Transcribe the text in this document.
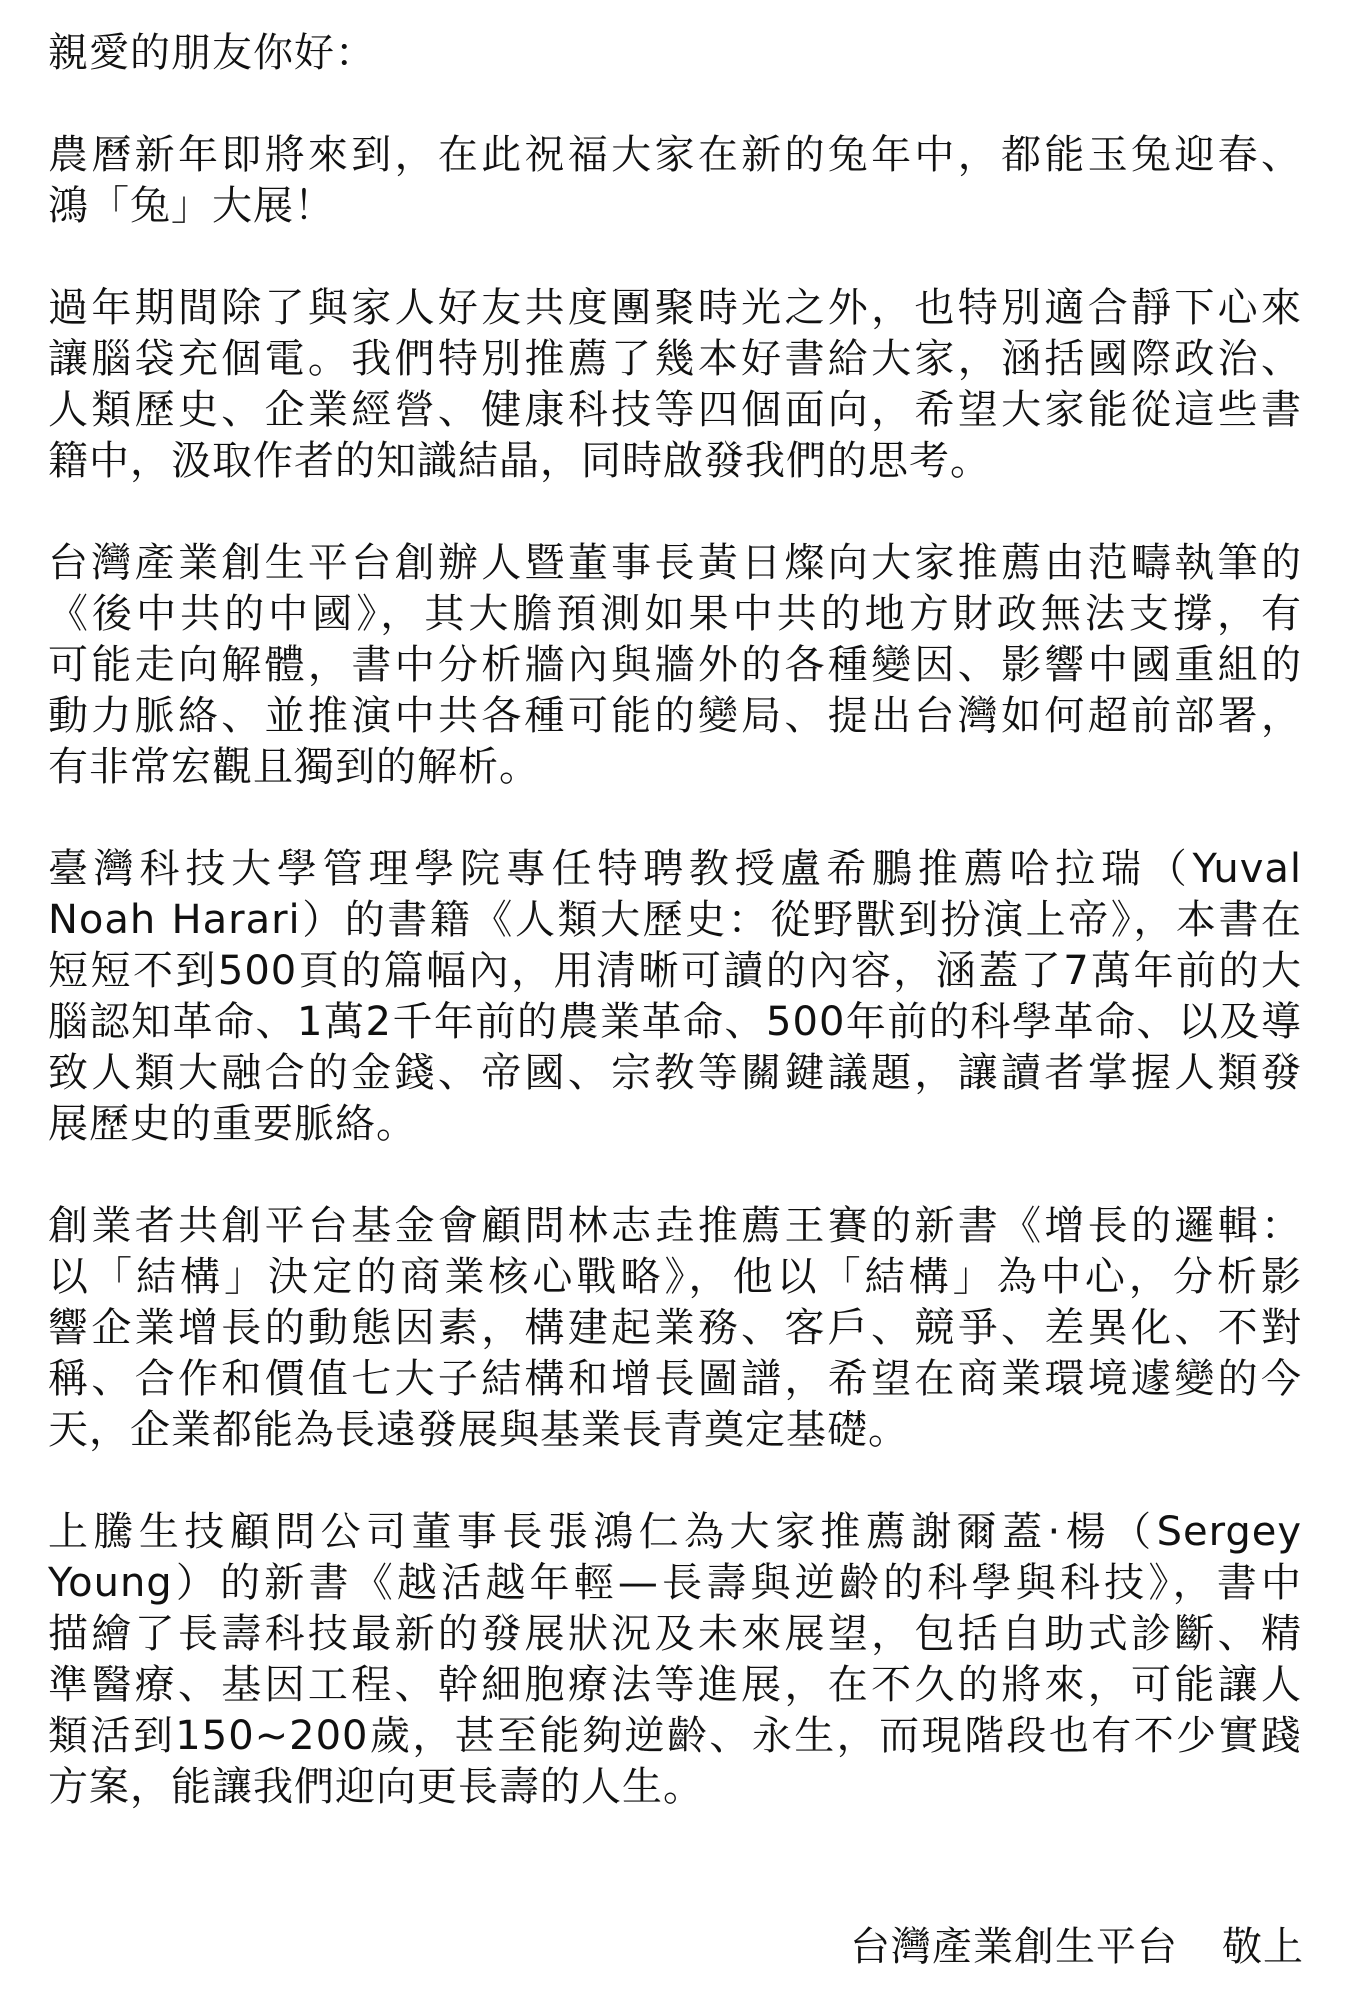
親愛的朋友你好：
農曆新年即將來到，在此祝福大家在新的兔年中，都能玉兔迎春、
鴻「兔」大展！
過年期間除了與家人好友共度團聚時光之外，也特別適合靜下心來
讓腦袋充個電。我們特別推薦了幾本好書給大家，涵括國際政治、
人類歷史、企業經營、健康科技等四個面向，希望大家能從這些書
籍中，汲取作者的知識結晶，同時啟發我們的思考。
台灣產業創生平台創辦人暨董事長黃日燦向大家推薦由范疇執筆的
《後中共的中國》，其大膽預測如果中共的地方財政無法支撐，有
可能走向解體，書中分析牆內與牆外的各種變因、影響中國重組的
動力脈絡、並推演中共各種可能的變局、提出台灣如何超前部署，
有非常宏觀且獨到的解析。
臺灣科技大學管理學院專任特聘教授盧希鵬推薦哈拉瑞（Yuval
Noah Harari）的書籍《人類大歷史：從野獸到扮演上帝》，本書在
短短不到500頁的篇幅內，用清晰可讀的內容，涵蓋了7萬年前的大
腦認知革命、1萬2千年前的農業革命、500年前的科學革命、以及導
致人類大融合的金錢、帝國、宗教等關鍵議題，讓讀者掌握人類發
展歷史的重要脈絡。
創業者共創平台基金會顧問林志垚推薦王賽的新書《增長的邏輯：
以「結構」決定的商業核心戰略》，他以「結構」為中心，分析影
響企業增長的動態因素，構建起業務、客戶、競爭、差異化、不對
稱、合作和價值七大子結構和增長圖譜，希望在商業環境遽變的今
天，企業都能為長遠發展與基業長青奠定基礎。
上騰生技顧問公司董事長張鴻仁為大家推薦謝爾蓋·楊（Sergey
Young）的新書《越活越年輕—長壽與逆齡的科學與科技》，書中
描繪了長壽科技最新的發展狀況及未來展望，包括自助式診斷、精
準醫療、基因工程、幹細胞療法等進展，在不久的將來，可能讓人
類活到150~200歲，甚至能夠逆齡、永生，而現階段也有不少實踐
方案，能讓我們迎向更長壽的人生。
台灣產業創生平台 敬上
